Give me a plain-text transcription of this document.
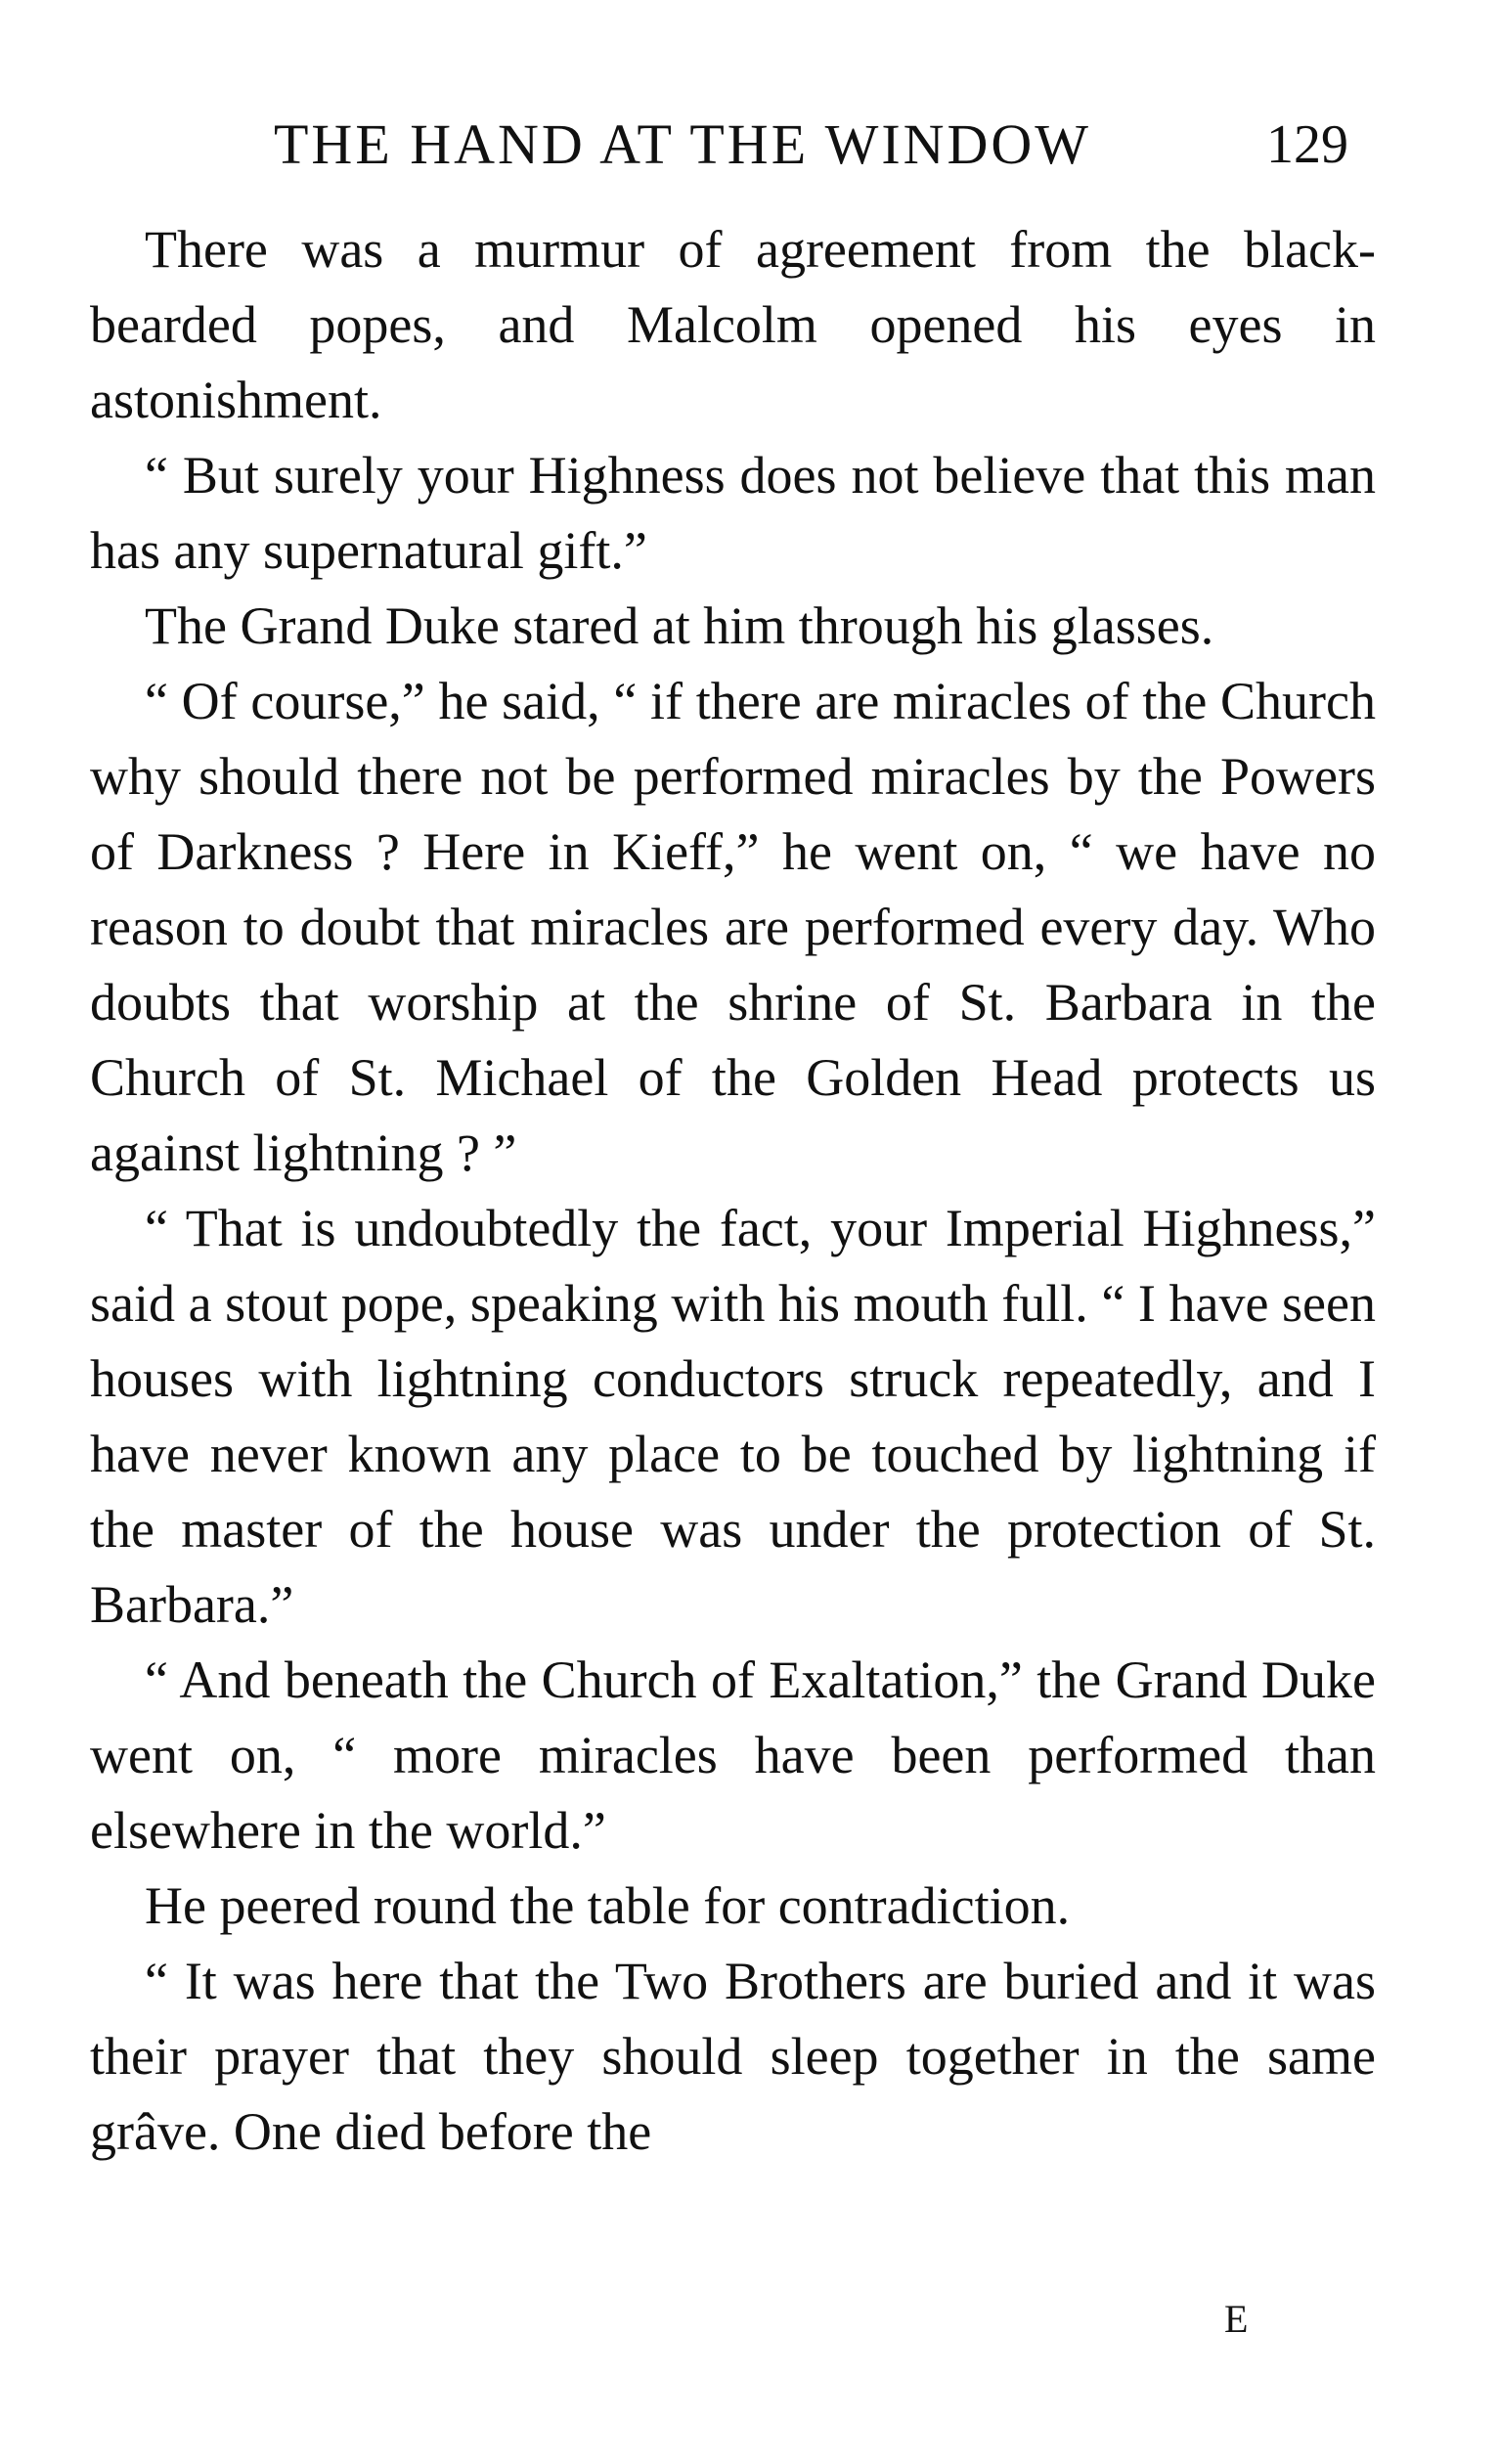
THE HAND AT THE WINDOW	129

There was a murmur of agreement from the black-bearded popes, and Malcolm opened his eyes in astonishment.

“ But surely your Highness does not believe that this man has any supernatural gift.”

The Grand Duke stared at him through his glasses.

“ Of course,” he said, “ if there are miracles of the Church why should there not be performed miracles by the Powers of Darkness ? Here in Kieff,” he went on, “ we have no reason to doubt that miracles are performed every day. Who doubts that worship at the shrine of St. Barbara in the Church of St. Michael of the Golden Head protects us against lightning ? ”

“ That is undoubtedly the fact, your Imperial Highness,” said a stout pope, speaking with his mouth full. “ I have seen houses with lightning conductors struck repeatedly, and I have never known any place to be touched by lightning if the master of the house was under the protection of St. Barbara.”

“ And beneath the Church of Exaltation,” the Grand Duke went on, “ more miracles have been performed than elsewhere in the world.”

He peered round the table for contradiction.

“ It was here that the Two Brothers are buried and it was their prayer that they should sleep together in the same grâve. One died before the

E
